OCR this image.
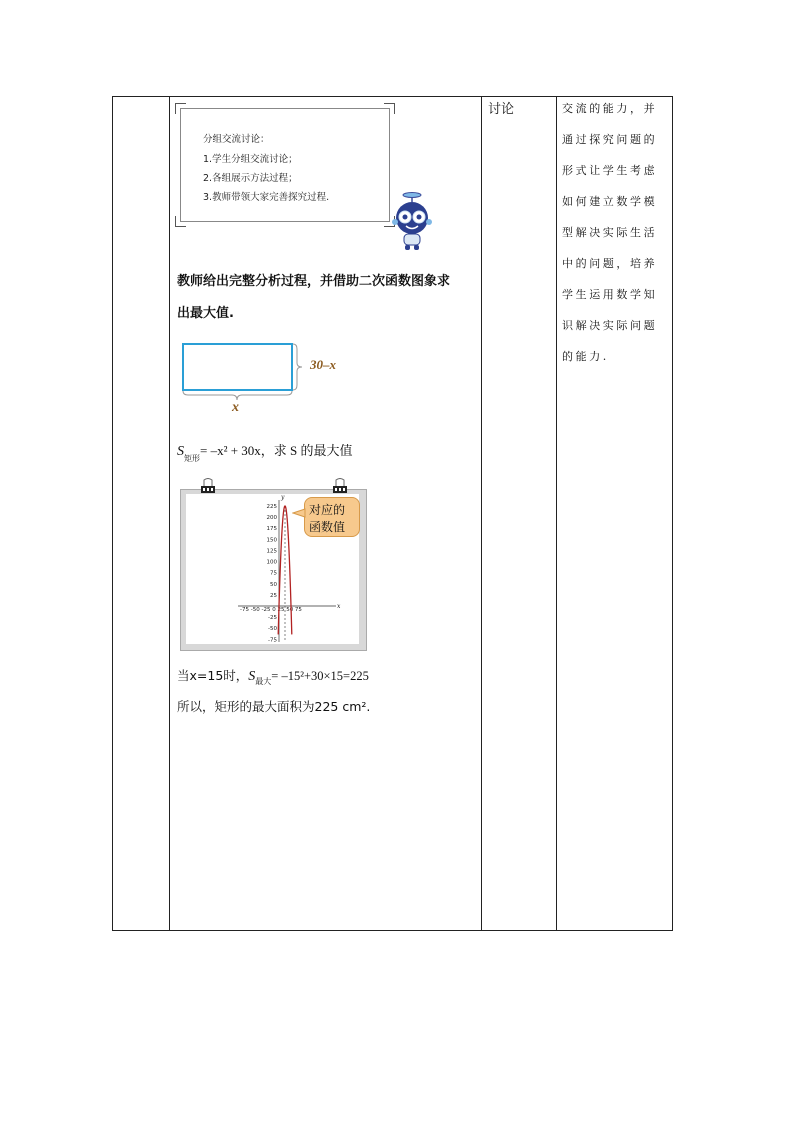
分组交流讨论：
1.学生分组交流讨论；
2.各组展示方法过程；
3.教师带领大家完善探究过程.
教师给出完整分析过程，并借助二次函数图象求
出最大值.
30–x
x
$S_{矩形}= -x^2 + 30x$，求 S 的最大值
225
200
175
150
125
100
75
50
25
-25
-50
-75
-75 -50 -25 0 25 50 75	x
y
对应的
函数值
当x=15时，$S_{最大}= -15^2+30\times 15=225$
所以，矩形的最大面积为225 cm².
讨论	交流的能力，并
通过探究问题的
形式让学生考虑
如何建立数学模
型解决实际生活
中的问题，培养
学生运用数学知
识解决实际问题
的能力.
